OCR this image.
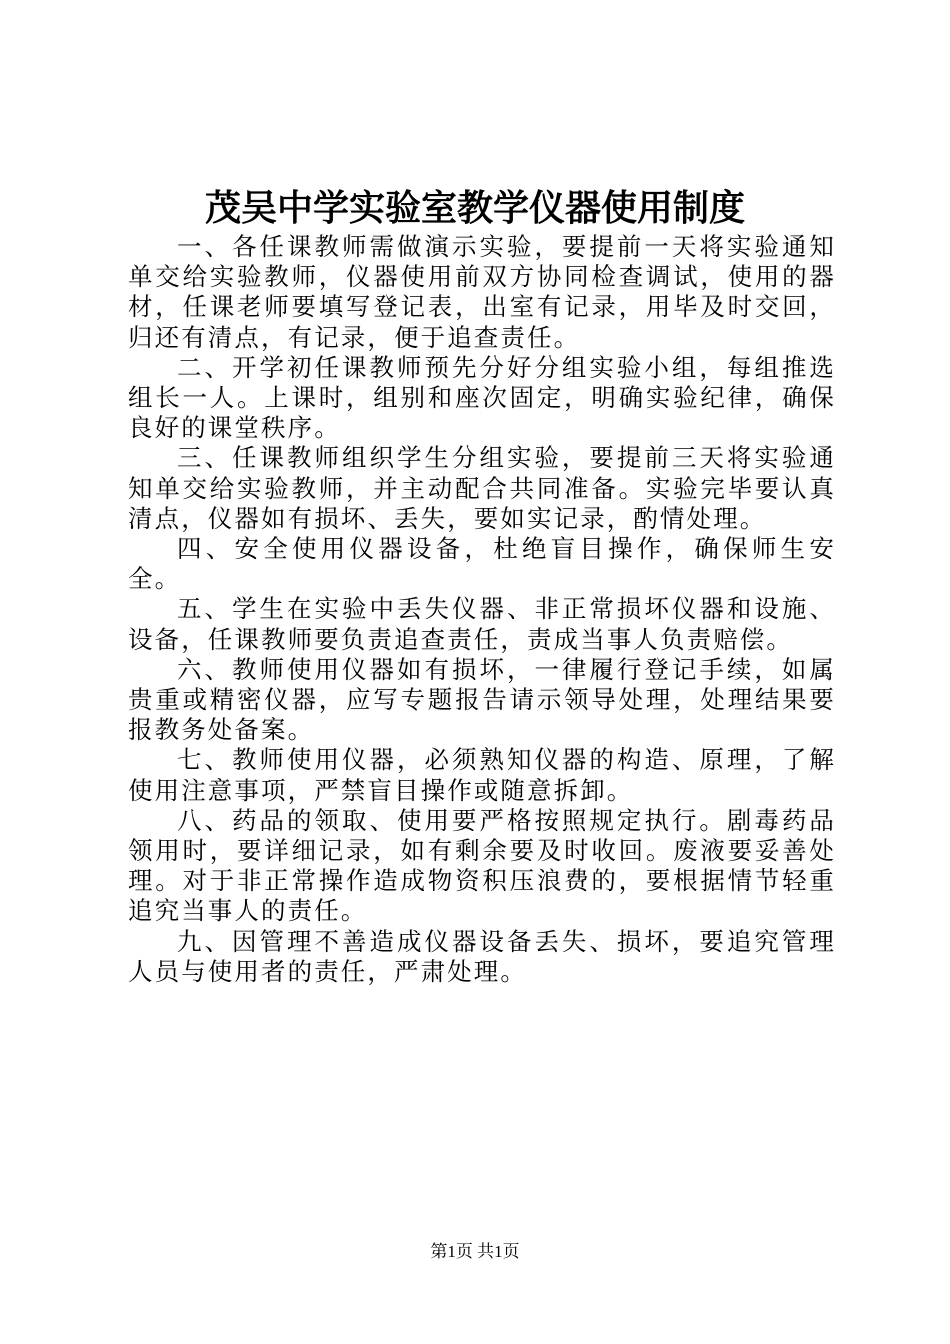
茂吴中学实验室教学仪器使用制度

一、各任课教师需做演示实验，要提前一天将实验通知单交给实验教师，仪器使用前双方协同检查调试，使用的器材，任课老师要填写登记表，出室有记录，用毕及时交回，归还有清点，有记录，便于追查责任。

二、开学初任课教师预先分好分组实验小组，每组推选组长一人。上课时，组别和座次固定，明确实验纪律，确保良好的课堂秩序。

三、任课教师组织学生分组实验，要提前三天将实验通知单交给实验教师，并主动配合共同准备。实验完毕要认真清点，仪器如有损坏、丢失，要如实记录，酌情处理。

四、安全使用仪器设备，杜绝盲目操作，确保师生安全。

五、学生在实验中丢失仪器、非正常损坏仪器和设施、设备，任课教师要负责追查责任，责成当事人负责赔偿。

六、教师使用仪器如有损坏，一律履行登记手续，如属贵重或精密仪器，应写专题报告请示领导处理，处理结果要报教务处备案。

七、教师使用仪器，必须熟知仪器的构造、原理，了解使用注意事项，严禁盲目操作或随意拆卸。

八、药品的领取、使用要严格按照规定执行。剧毒药品领用时，要详细记录，如有剩余要及时收回。废液要妥善处理。对于非正常操作造成物资积压浪费的，要根据情节轻重追究当事人的责任。

九、因管理不善造成仪器设备丢失、损坏，要追究管理人员与使用者的责任，严肃处理。

第1页 共1页
